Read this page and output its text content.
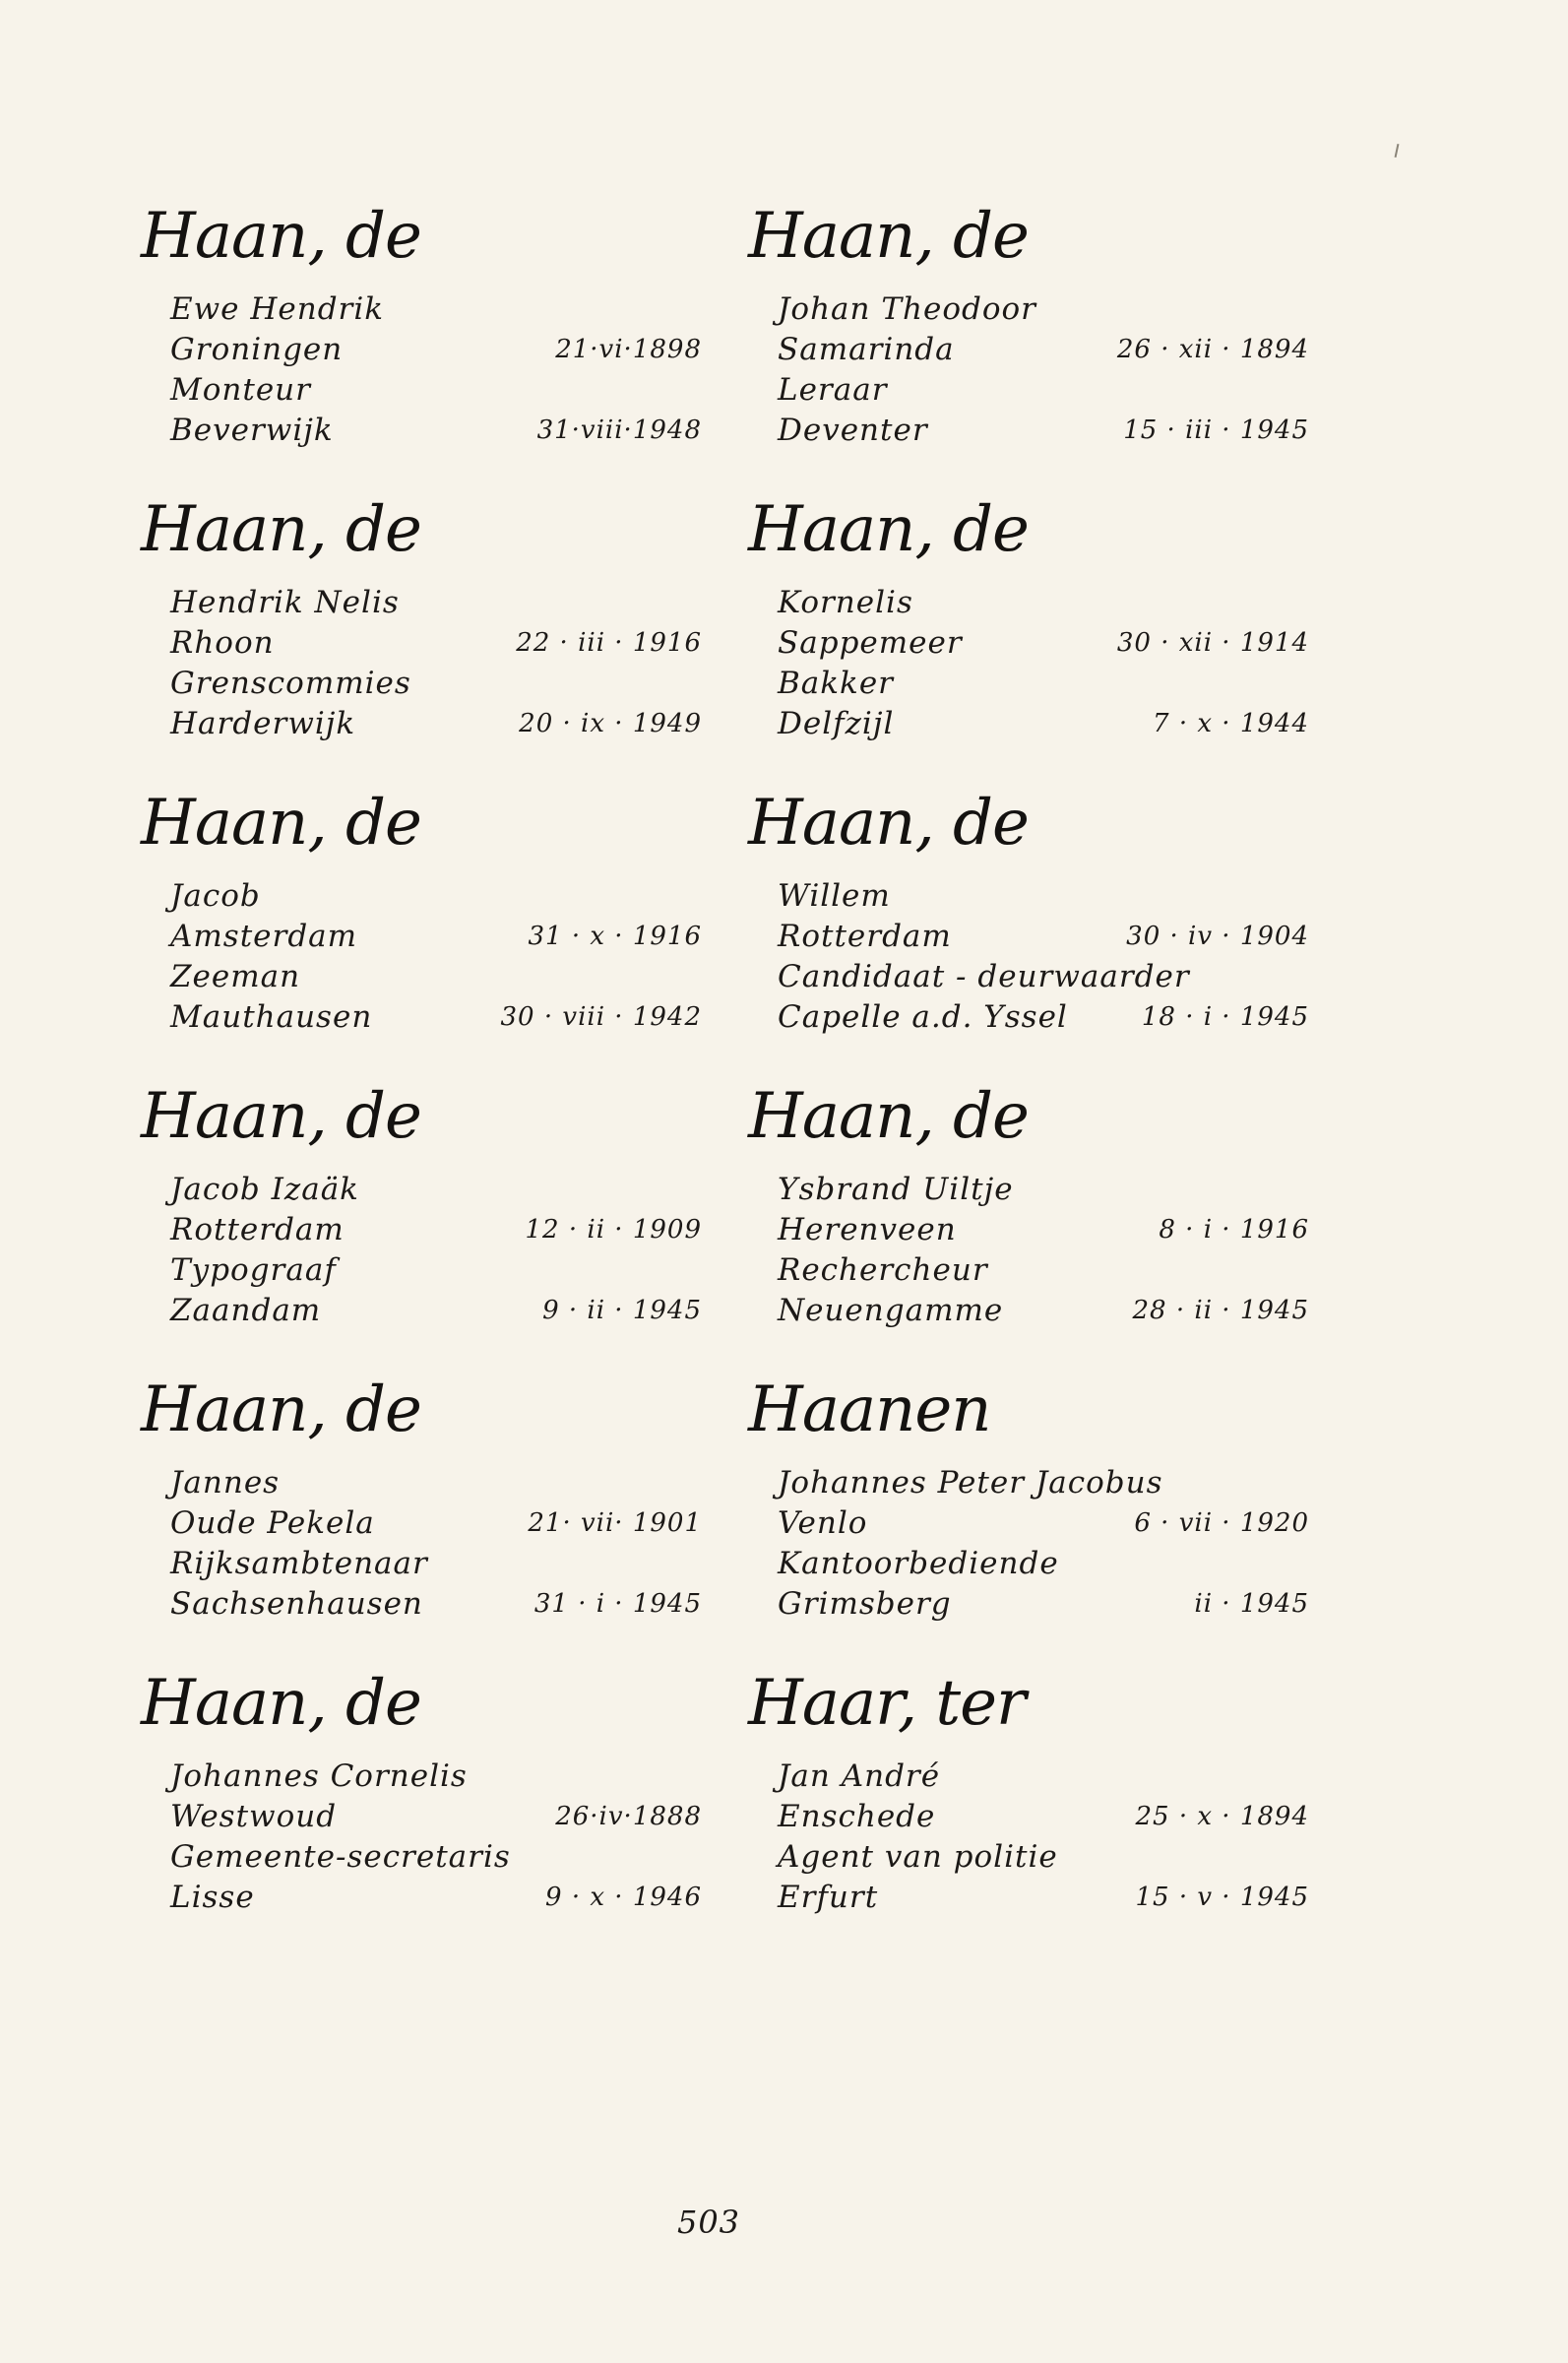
Haan, de
Ewe Hendrik
Groningen	21·vi·1898
Monteur
Beverwijk	31·viii·1948
Haan, de
Hendrik Nelis
Rhoon	22 · iii · 1916
Grenscommies
Harderwijk	20 · ix · 1949
Haan, de
Jacob
Amsterdam	31 · x · 1916
Zeeman
Mauthausen	30 · viii · 1942
Haan, de
Jacob Izaäk
Rotterdam	12 · ii · 1909
Typograaf
Zaandam	9 · ii · 1945
Haan, de
Jannes
Oude Pekela	21· vii· 1901
Rijksambtenaar
Sachsenhausen	31 · i · 1945
Haan, de
Johannes Cornelis
Westwoud	26·iv·1888
Gemeente-secretaris
Lisse	9 · x · 1946
Haan, de
Johan Theodoor
Samarinda	26 · xii · 1894
Leraar
Deventer	15 · iii · 1945
Haan, de
Kornelis
Sappemeer	30 · xii · 1914
Bakker
Delfzijl	7 · x · 1944
Haan, de
Willem
Rotterdam	30 · iv · 1904
Candidaat - deurwaarder
Capelle a.d. Yssel	18 · i · 1945
Haan, de
Ysbrand Uiltje
Herenveen	8 · i · 1916
Rechercheur
Neuengamme	28 · ii · 1945
Haanen
Johannes Peter Jacobus
Venlo	6 · vii · 1920
Kantoorbediende
Grimsberg	ii · 1945
Haar, ter
Jan André
Enschede	25 · x · 1894
Agent van politie
Erfurt	15 · v · 1945
503
